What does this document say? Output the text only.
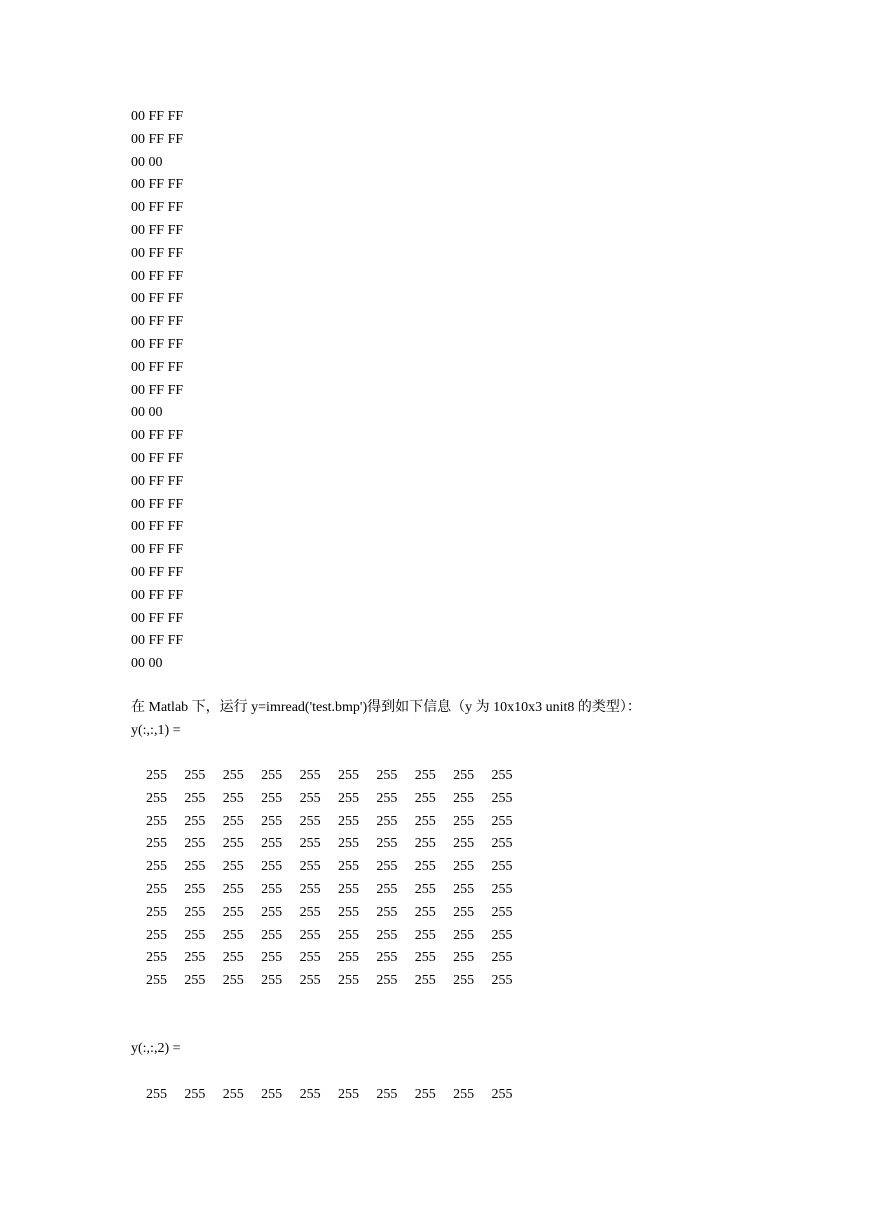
00 FF FF
00 FF FF
00 00
00 FF FF
00 FF FF
00 FF FF
00 FF FF
00 FF FF
00 FF FF
00 FF FF
00 FF FF
00 FF FF
00 FF FF
00 00
00 FF FF
00 FF FF
00 FF FF
00 FF FF
00 FF FF
00 FF FF
00 FF FF
00 FF FF
00 FF FF
00 FF FF
00 00
在 Matlab 下，运行 y=imread('test.bmp')得到如下信息（y 为 10x10x3 unit8 的类型）：
y(:,:,1) =
255	255	255	255	255	255	255	255	255	255
255	255	255	255	255	255	255	255	255	255
255	255	255	255	255	255	255	255	255	255
255	255	255	255	255	255	255	255	255	255
255	255	255	255	255	255	255	255	255	255
255	255	255	255	255	255	255	255	255	255
255	255	255	255	255	255	255	255	255	255
255	255	255	255	255	255	255	255	255	255
255	255	255	255	255	255	255	255	255	255
255	255	255	255	255	255	255	255	255	255
y(:,:,2) =
255	255	255	255	255	255	255	255	255	255
